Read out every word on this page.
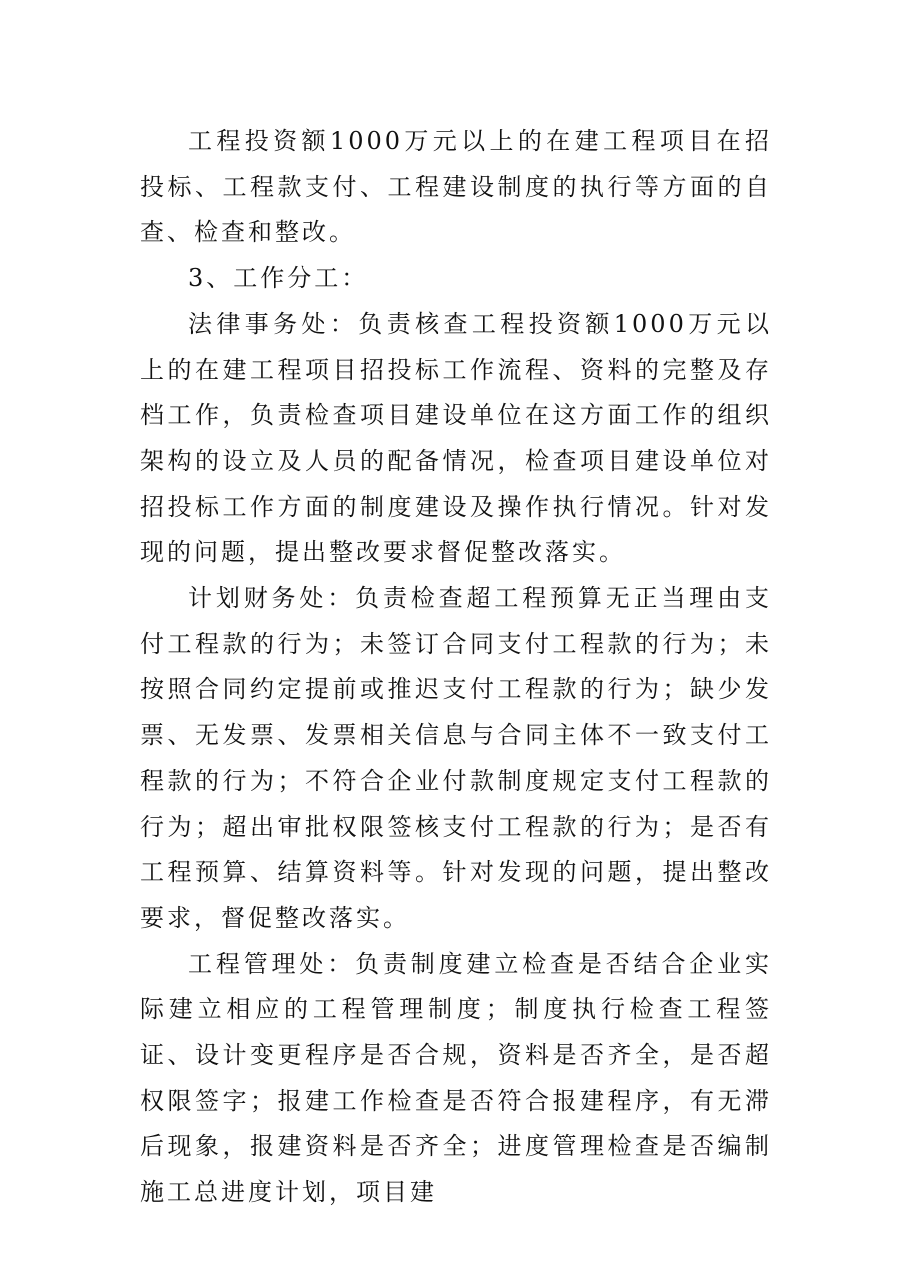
工程投资额1000万元以上的在建工程项目在招投标、工程款支付、工程建设制度的执行等方面的自查、检查和整改。

3、工作分工：

法律事务处：负责核查工程投资额1000万元以上的在建工程项目招投标工作流程、资料的完整及存档工作，负责检查项目建设单位在这方面工作的组织架构的设立及人员的配备情况，检查项目建设单位对招投标工作方面的制度建设及操作执行情况。针对发现的问题，提出整改要求督促整改落实。

计划财务处：负责检查超工程预算无正当理由支付工程款的行为；未签订合同支付工程款的行为；未按照合同约定提前或推迟支付工程款的行为；缺少发票、无发票、发票相关信息与合同主体不一致支付工程款的行为；不符合企业付款制度规定支付工程款的行为；超出审批权限签核支付工程款的行为；是否有工程预算、结算资料等。针对发现的问题，提出整改要求，督促整改落实。

工程管理处：负责制度建立检查是否结合企业实际建立相应的工程管理制度；制度执行检查工程签证、设计变更程序是否合规，资料是否齐全，是否超权限签字；报建工作检查是否符合报建程序，有无滞后现象，报建资料是否齐全；进度管理检查是否编制施工总进度计划，项目建
